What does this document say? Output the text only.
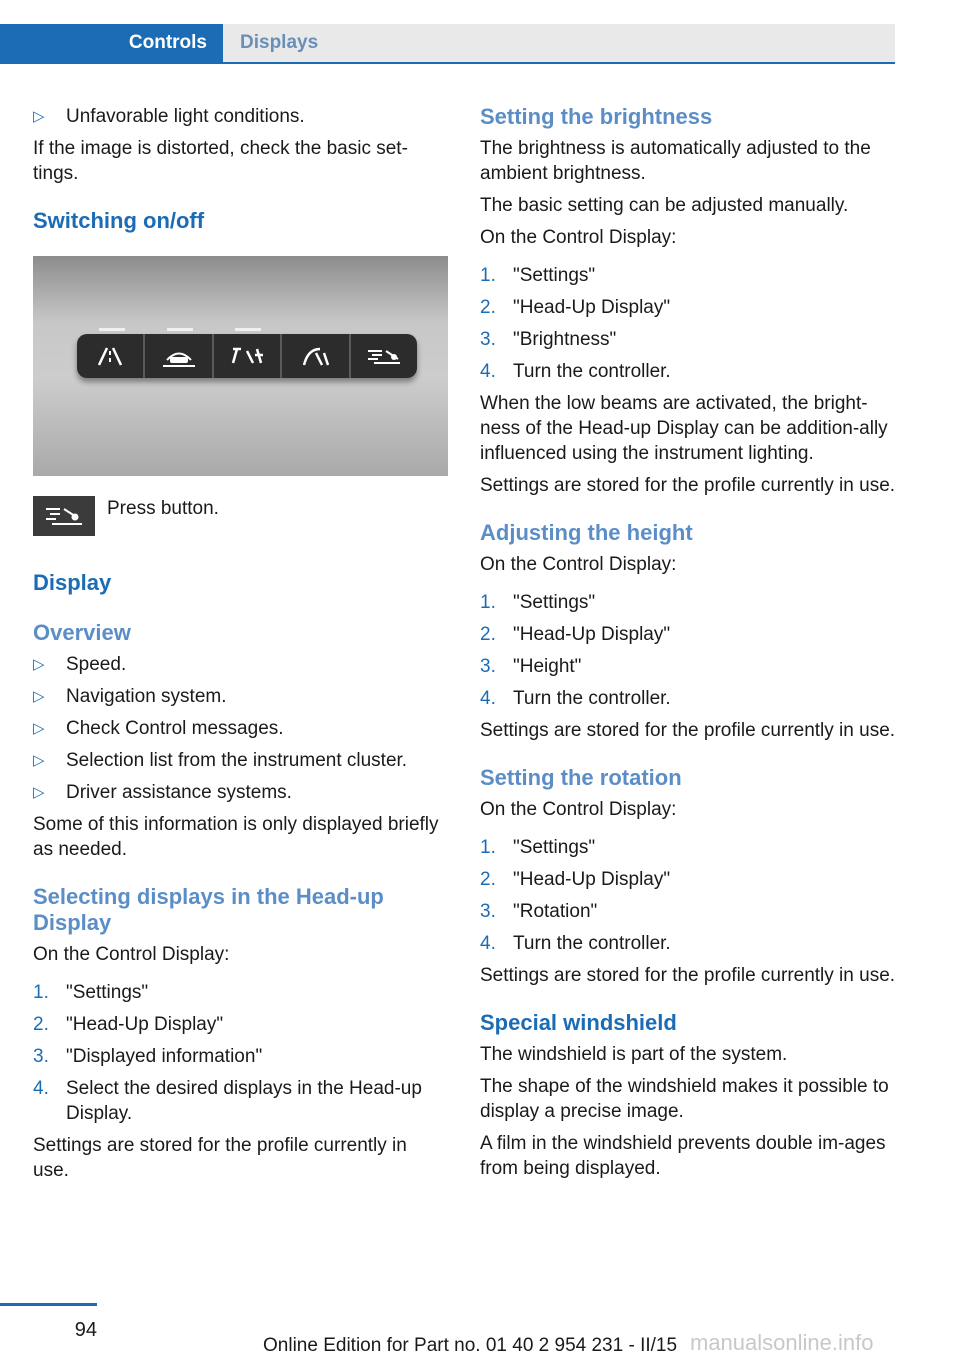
Controls	Displays
▷ Unfavorable light conditions.

If the image is distorted, check the basic set-tings.

Switching on/off
Press button.
Display
Overview
▷ Speed.
▷ Navigation system.
▷ Check Control messages.
▷ Selection list from the instrument cluster.
▷ Driver assistance systems.

Some of this information is only displayed briefly as needed.

Selecting displays in the Head-up Display

On the Control Display:

1. "Settings"
2. "Head-Up Display"
3. "Displayed information"
4. Select the desired displays in the Head-up Display.

Settings are stored for the profile currently in use.

Setting the brightness

The brightness is automatically adjusted to the ambient brightness.

The basic setting can be adjusted manually.

On the Control Display:

1. "Settings"
2. "Head-Up Display"
3. "Brightness"
4. Turn the controller.

When the low beams are activated, the bright-ness of the Head-up Display can be addition-ally influenced using the instrument lighting.

Settings are stored for the profile currently in use.

Adjusting the height

On the Control Display:

1. "Settings"
2. "Head-Up Display"
3. "Height"
4. Turn the controller.

Settings are stored for the profile currently in use.

Setting the rotation

On the Control Display:

1. "Settings"
2. "Head-Up Display"
3. "Rotation"
4. Turn the controller.

Settings are stored for the profile currently in use.

Special windshield

The windshield is part of the system.

The shape of the windshield makes it possible to display a precise image.

A film in the windshield prevents double im-ages from being displayed.

94
Online Edition for Part no. 01 40 2 954 231 - II/15 manualsonline.info
